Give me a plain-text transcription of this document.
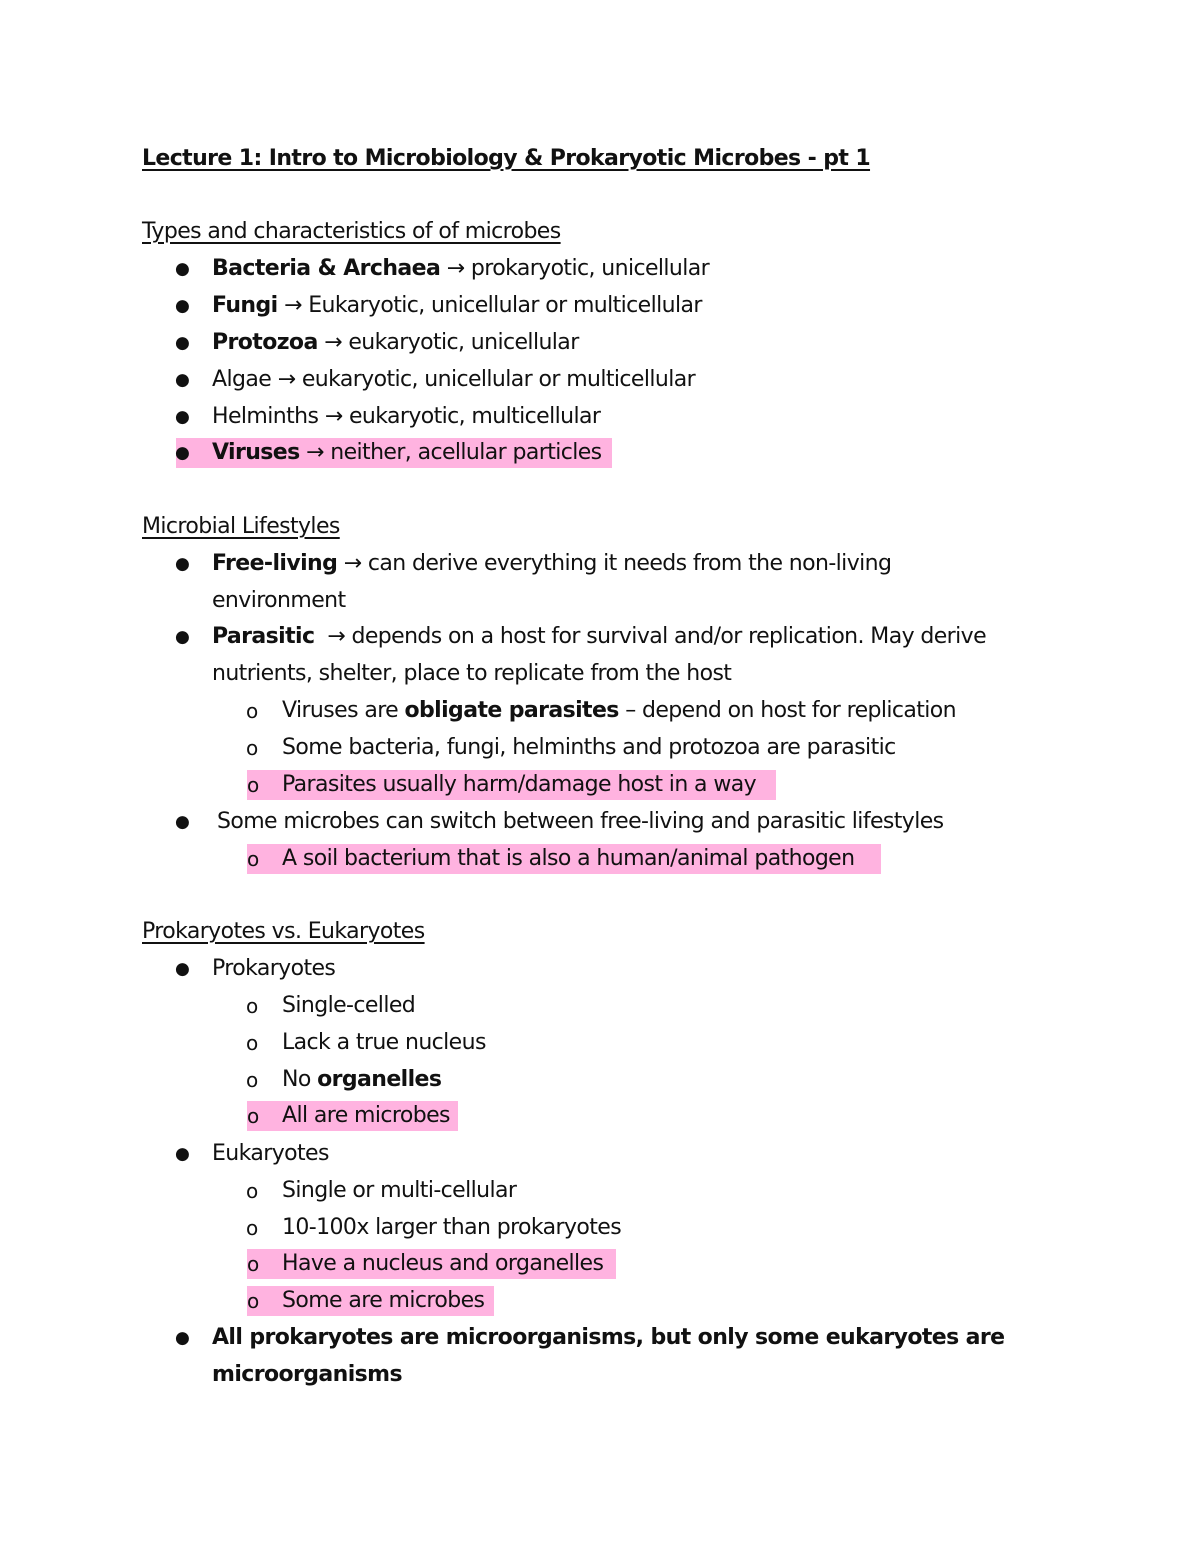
Lecture 1: Intro to Microbiology & Prokaryotic Microbes - pt 1
Types and characteristics of of microbes
● Bacteria & Archaea → prokaryotic, unicellular
● Fungi → Eukaryotic, unicellular or multicellular
● Protozoa → eukaryotic, unicellular
● Algae → eukaryotic, unicellular or multicellular
● Helminths → eukaryotic, multicellular
● Viruses → neither, acellular particles
Microbial Lifestyles
● Free-living → can derive everything it needs from the non-living
environment
● Parasitic → depends on a host for survival and/or replication. May derive
nutrients, shelter, place to replicate from the host
o Viruses are obligate parasites – depend on host for replication
o Some bacteria, fungi, helminths and protozoa are parasitic
o Parasites usually harm/damage host in a way
● Some microbes can switch between free-living and parasitic lifestyles
o A soil bacterium that is also a human/animal pathogen
Prokaryotes vs. Eukaryotes
● Prokaryotes
o Single-celled
o Lack a true nucleus
o No organelles
o All are microbes
● Eukaryotes
o Single or multi-cellular
o 10-100x larger than prokaryotes
o Have a nucleus and organelles
o Some are microbes
● All prokaryotes are microorganisms, but only some eukaryotes are
microorganisms
